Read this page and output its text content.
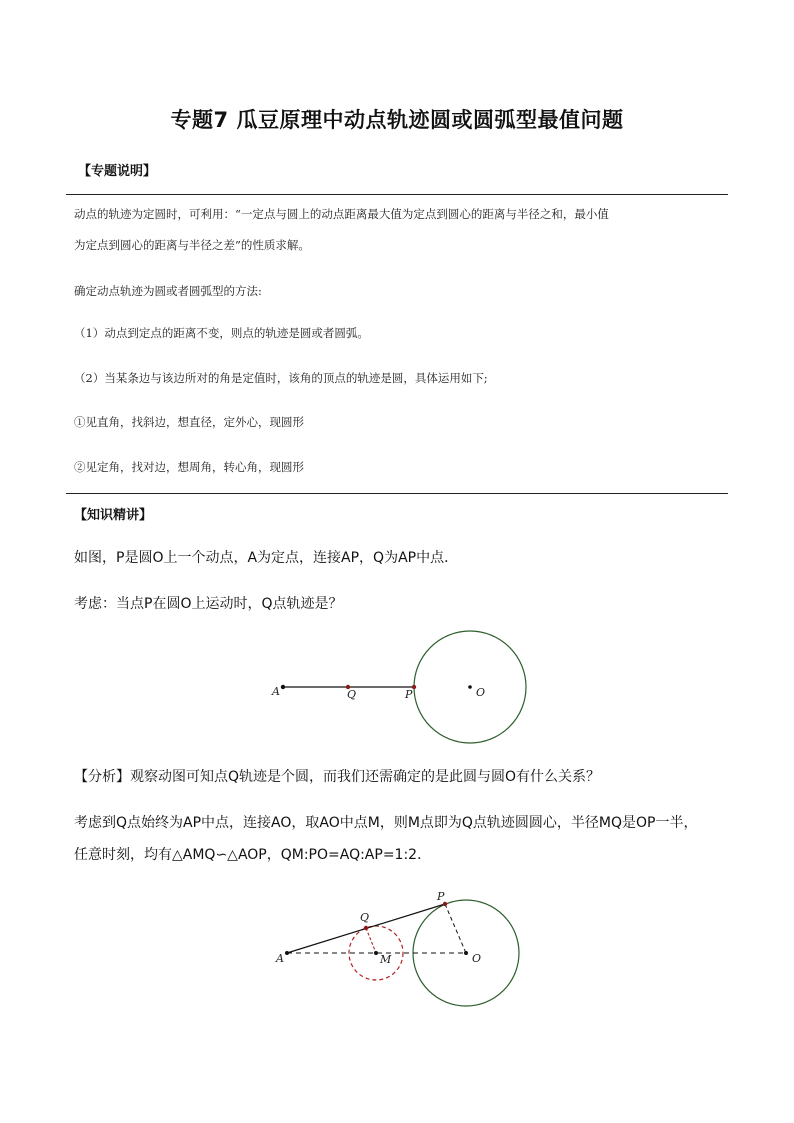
专题7 瓜豆原理中动点轨迹圆或圆弧型最值问题
【专题说明】
动点的轨迹为定圆时，可利用：“一定点与圆上的动点距离最大值为定点到圆心的距离与半径之和，最小值
为定点到圆心的距离与半径之差”的性质求解。
确定动点轨迹为圆或者圆弧型的方法:
（1）动点到定点的距离不变，则点的轨迹是圆或者圆弧。
（2）当某条边与该边所对的角是定值时，该角的顶点的轨迹是圆，具体运用如下;
①见直角，找斜边，想直径，定外心，现圆形
②见定角，找对边，想周角，转心角，现圆形
【知识精讲】
如图，P是圆O上一个动点，A为定点，连接AP，Q为AP中点．
考虑：当点P在圆O上运动时，Q点轨迹是？
A	Q	P	O
【分析】观察动图可知点Q轨迹是个圆，而我们还需确定的是此圆与圆O有什么关系？
考虑到Q点始终为AP中点，连接AO，取AO中点M，则M点即为Q点轨迹圆圆心，半径MQ是OP一半，
任意时刻，均有△AMQ∽△AOP，QM:PO=AQ:AP=1:2．
A
Q
M
P
O
